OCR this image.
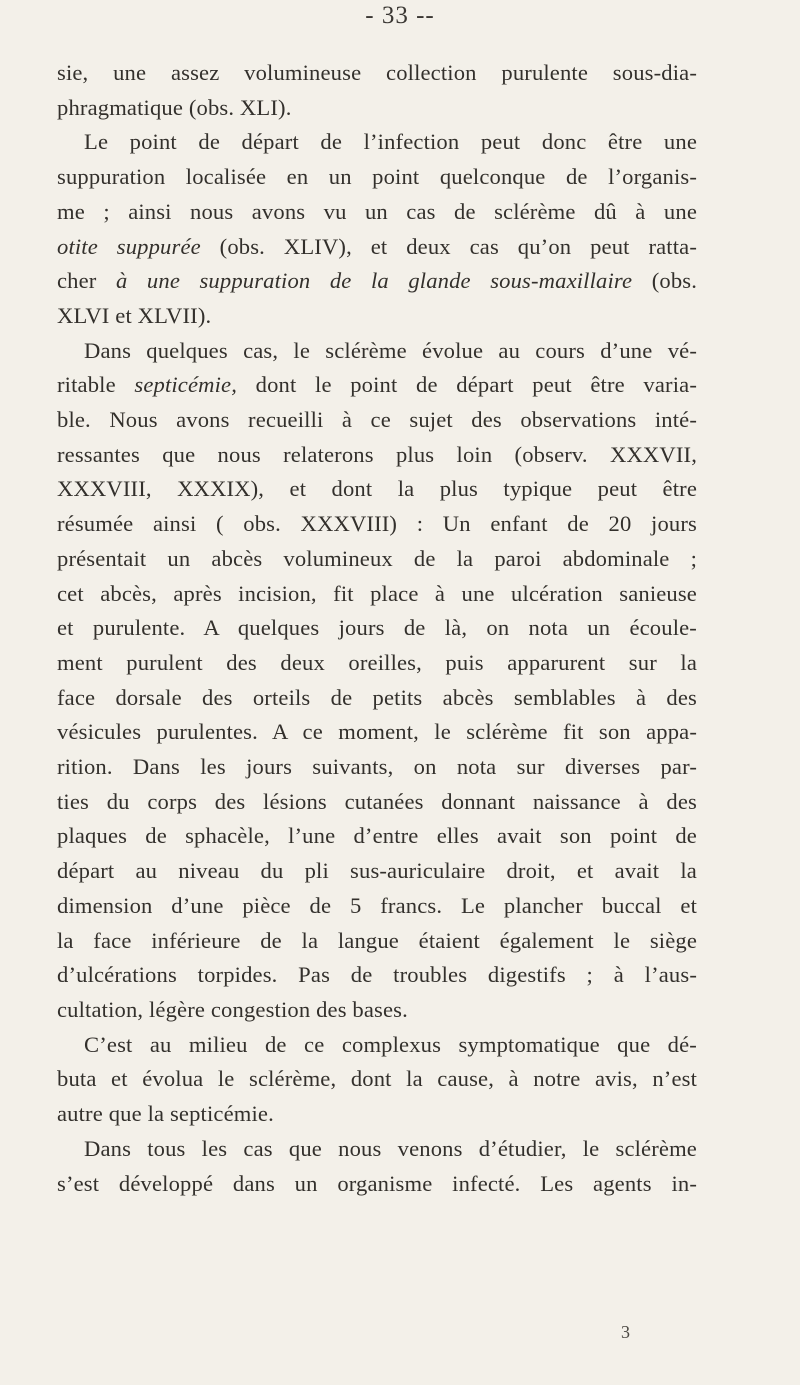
- 33 --
sie, une assez volumineuse collection purulente sous-dia-
phragmatique (obs. XLI).
Le point de départ de l’infection peut donc être une
suppuration localisée en un point quelconque de l’organis-
me ; ainsi nous avons vu un cas de sclérème dû à une
otite suppurée (obs. XLIV), et deux cas qu’on peut ratta-
cher à une suppuration de la glande sous-maxillaire (obs.
XLVI et XLVII).
Dans quelques cas, le sclérème évolue au cours d’une vé-
ritable septicémie, dont le point de départ peut être varia-
ble. Nous avons recueilli à ce sujet des observations inté-
ressantes que nous relaterons plus loin (observ. XXXVII,
XXXVIII, XXXIX), et dont la plus typique peut être
résumée ainsi ( obs. XXXVIII) : Un enfant de 20 jours
présentait un abcès volumineux de la paroi abdominale ;
cet abcès, après incision, fit place à une ulcération sanieuse
et purulente. A quelques jours de là, on nota un écoule-
ment purulent des deux oreilles, puis apparurent sur la
face dorsale des orteils de petits abcès semblables à des
vésicules purulentes. A ce moment, le sclérème fit son appa-
rition. Dans les jours suivants, on nota sur diverses par-
ties du corps des lésions cutanées donnant naissance à des
plaques de sphacèle, l’une d’entre elles avait son point de
départ au niveau du pli sus-auriculaire droit, et avait la
dimension d’une pièce de 5 francs. Le plancher buccal et
la face inférieure de la langue étaient également le siège
d’ulcérations torpides. Pas de troubles digestifs ; à l’aus-
cultation, légère congestion des bases.
C’est au milieu de ce complexus symptomatique que dé-
buta et évolua le sclérème, dont la cause, à notre avis, n’est
autre que la septicémie.
Dans tous les cas que nous venons d’étudier, le sclérème
s’est développé dans un organisme infecté. Les agents in-
3
